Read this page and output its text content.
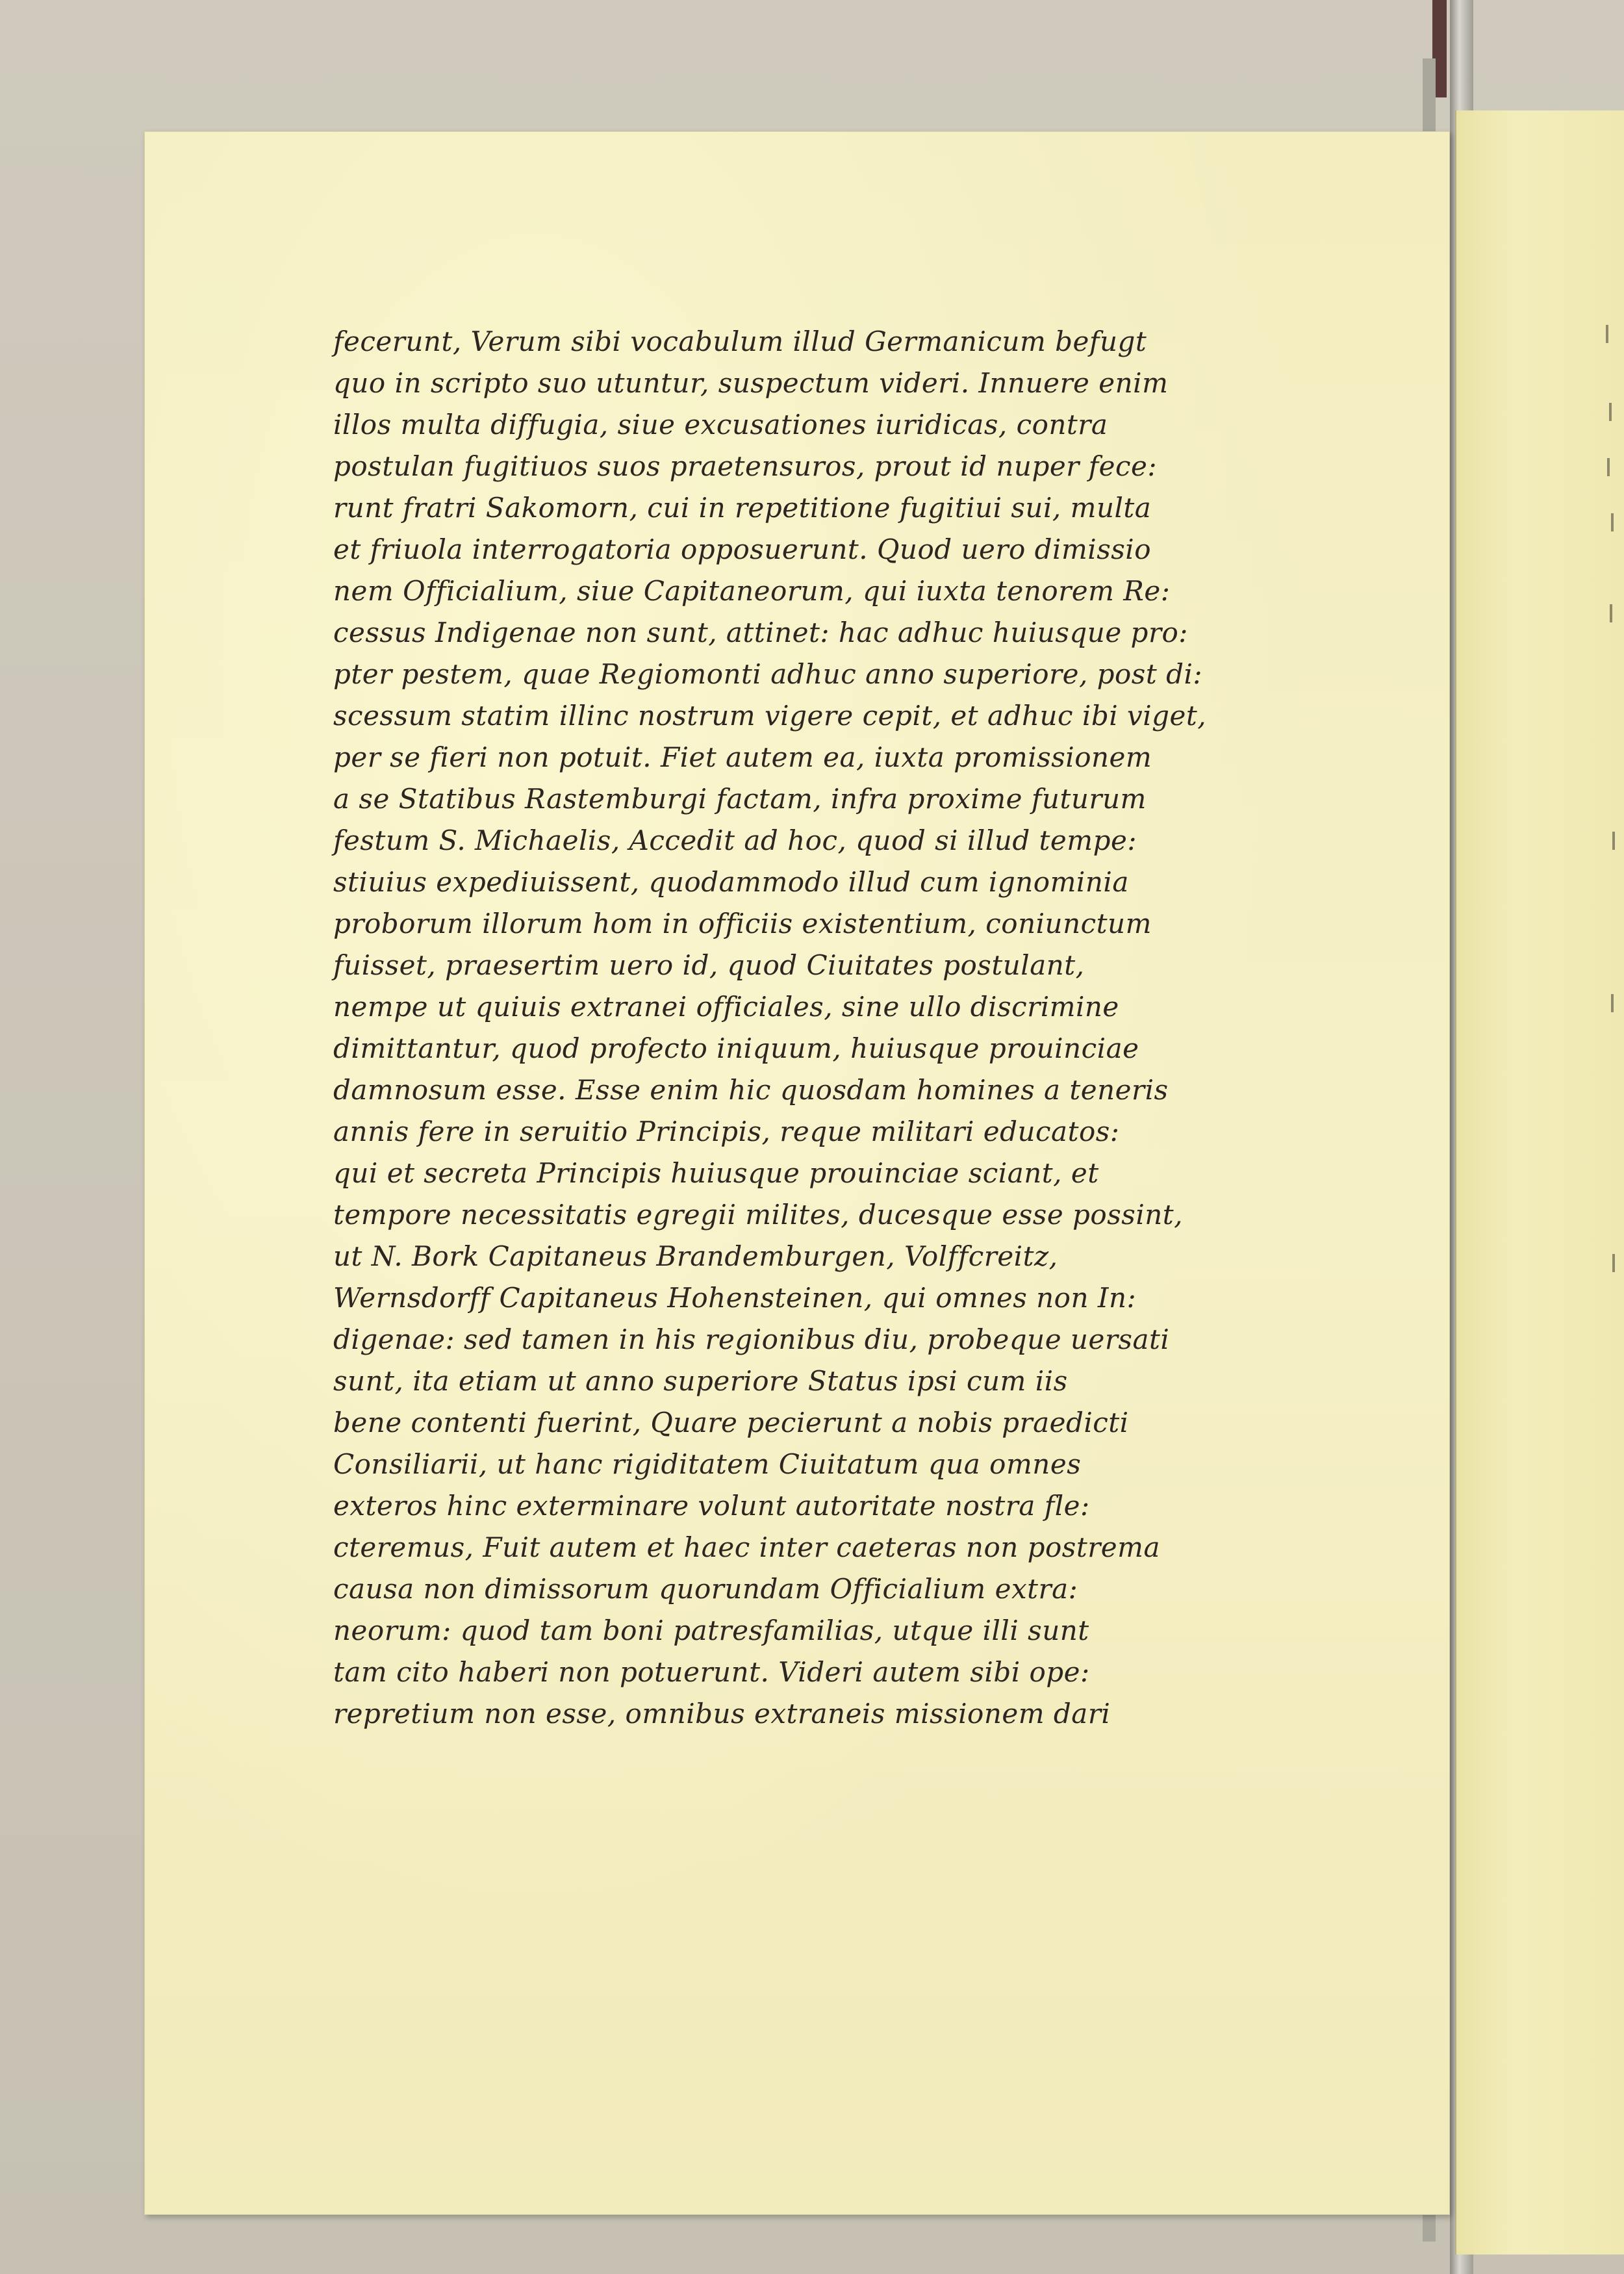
fecerunt, Verum sibi vocabulum illud Germanicum befugt
quo in scripto suo utuntur, suspectum videri. Innuere enim
illos multa diffugia, siue excusationes iuridicas, contra
postulan fugitiuos suos praetensuros, prout id nuper fece:
runt fratri Sakomorn, cui in repetitione fugitiui sui, multa
et friuola interrogatoria opposuerunt. Quod uero dimissio
nem Officialium, siue Capitaneorum, qui iuxta tenorem Re:
cessus Indigenae non sunt, attinet: hac adhuc huiusque pro:
pter pestem, quae Regiomonti adhuc anno superiore, post di:
scessum statim illinc nostrum vigere cepit, et adhuc ibi viget,
per se fieri non potuit. Fiet autem ea, iuxta promissionem
a se Statibus Rastemburgi factam, infra proxime futurum
festum S. Michaelis, Accedit ad hoc, quod si illud tempe:
stiuius expediuissent, quodammodo illud cum ignominia
proborum illorum hom in officiis existentium, coniunctum
fuisset, praesertim uero id, quod Ciuitates postulant,
nempe ut quiuis extranei officiales, sine ullo discrimine
dimittantur, quod profecto iniquum, huiusque prouinciae
damnosum esse. Esse enim hic quosdam homines a teneris
annis fere in seruitio Principis, reque militari educatos:
qui et secreta Principis huiusque prouinciae sciant, et
tempore necessitatis egregii milites, ducesque esse possint,
ut N. Bork Capitaneus Brandemburgen, Volffcreitz,
Wernsdorff Capitaneus Hohensteinen, qui omnes non In:
digenae: sed tamen in his regionibus diu, probeque uersati
sunt, ita etiam ut anno superiore Status ipsi cum iis
bene contenti fuerint, Quare pecierunt a nobis praedicti
Consiliarii, ut hanc rigiditatem Ciuitatum qua omnes
exteros hinc exterminare volunt autoritate nostra fle:
cteremus, Fuit autem et haec inter caeteras non postrema
causa non dimissorum quorundam Officialium extra:
neorum: quod tam boni patresfamilias, utque illi sunt
tam cito haberi non potuerunt. Videri autem sibi ope:
repretium non esse, omnibus extraneis missionem dari
